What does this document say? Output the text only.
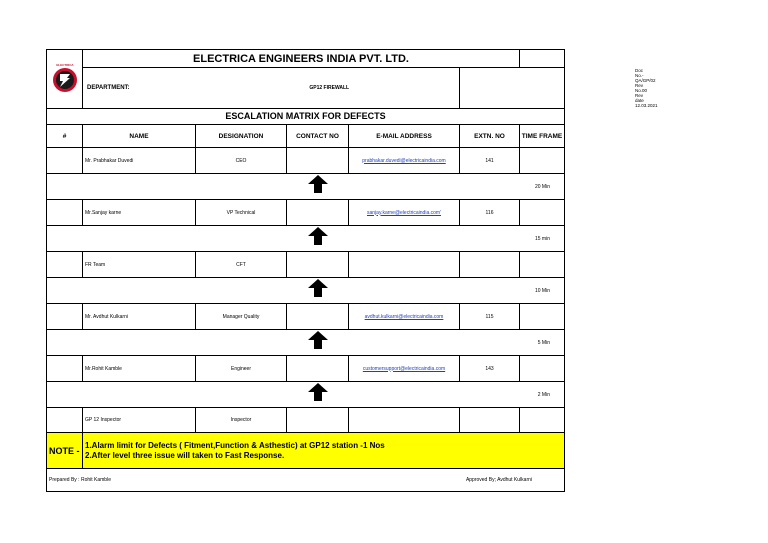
ELECTRICA	ELECTRICA ENGINEERS INDIA PVT. LTD.						
	DEPARTMENT:	GP12 FIREWALL			Doc No.- QA/GP/02
Rev No.00
Rev date 12.03.2021		

ESCALATION MATRIX FOR DEFECTS							
#	NAME	DESIGNATION	CONTACT NO	E-MAIL ADDRESS	EXTN. NO	TIME FRAME	
	Mr. Prabhakar Duvedi	CEO		prabhakar.duvedi@electricaindia.com	141		
			20 Min	
	Mr.Sanjay karne	VP Technical		sanjay.karne@electricaindia.com'	116		
			15 min	
	FR Team	CFT					
			10 Min	
	Mr. Avdhut Kulkarni	Manager Quality		avdhut.kulkarni@electricaindia.com	115		
			5 Min	
	Mr.Rohit Kamble	Engineer		customersupport@electricaindia.com	143		
			2 Min	
	GP 12 Inspector	Inspector					
NOTE -	1.Alarm limit for Defects ( Fitment,Function & Asthestic) at GP12 station -1 Nos
2.After level three issue will taken to Fast Response.						

Prepared By : Rohit Kamble				Approved By; Avdhut Kulkarni			
